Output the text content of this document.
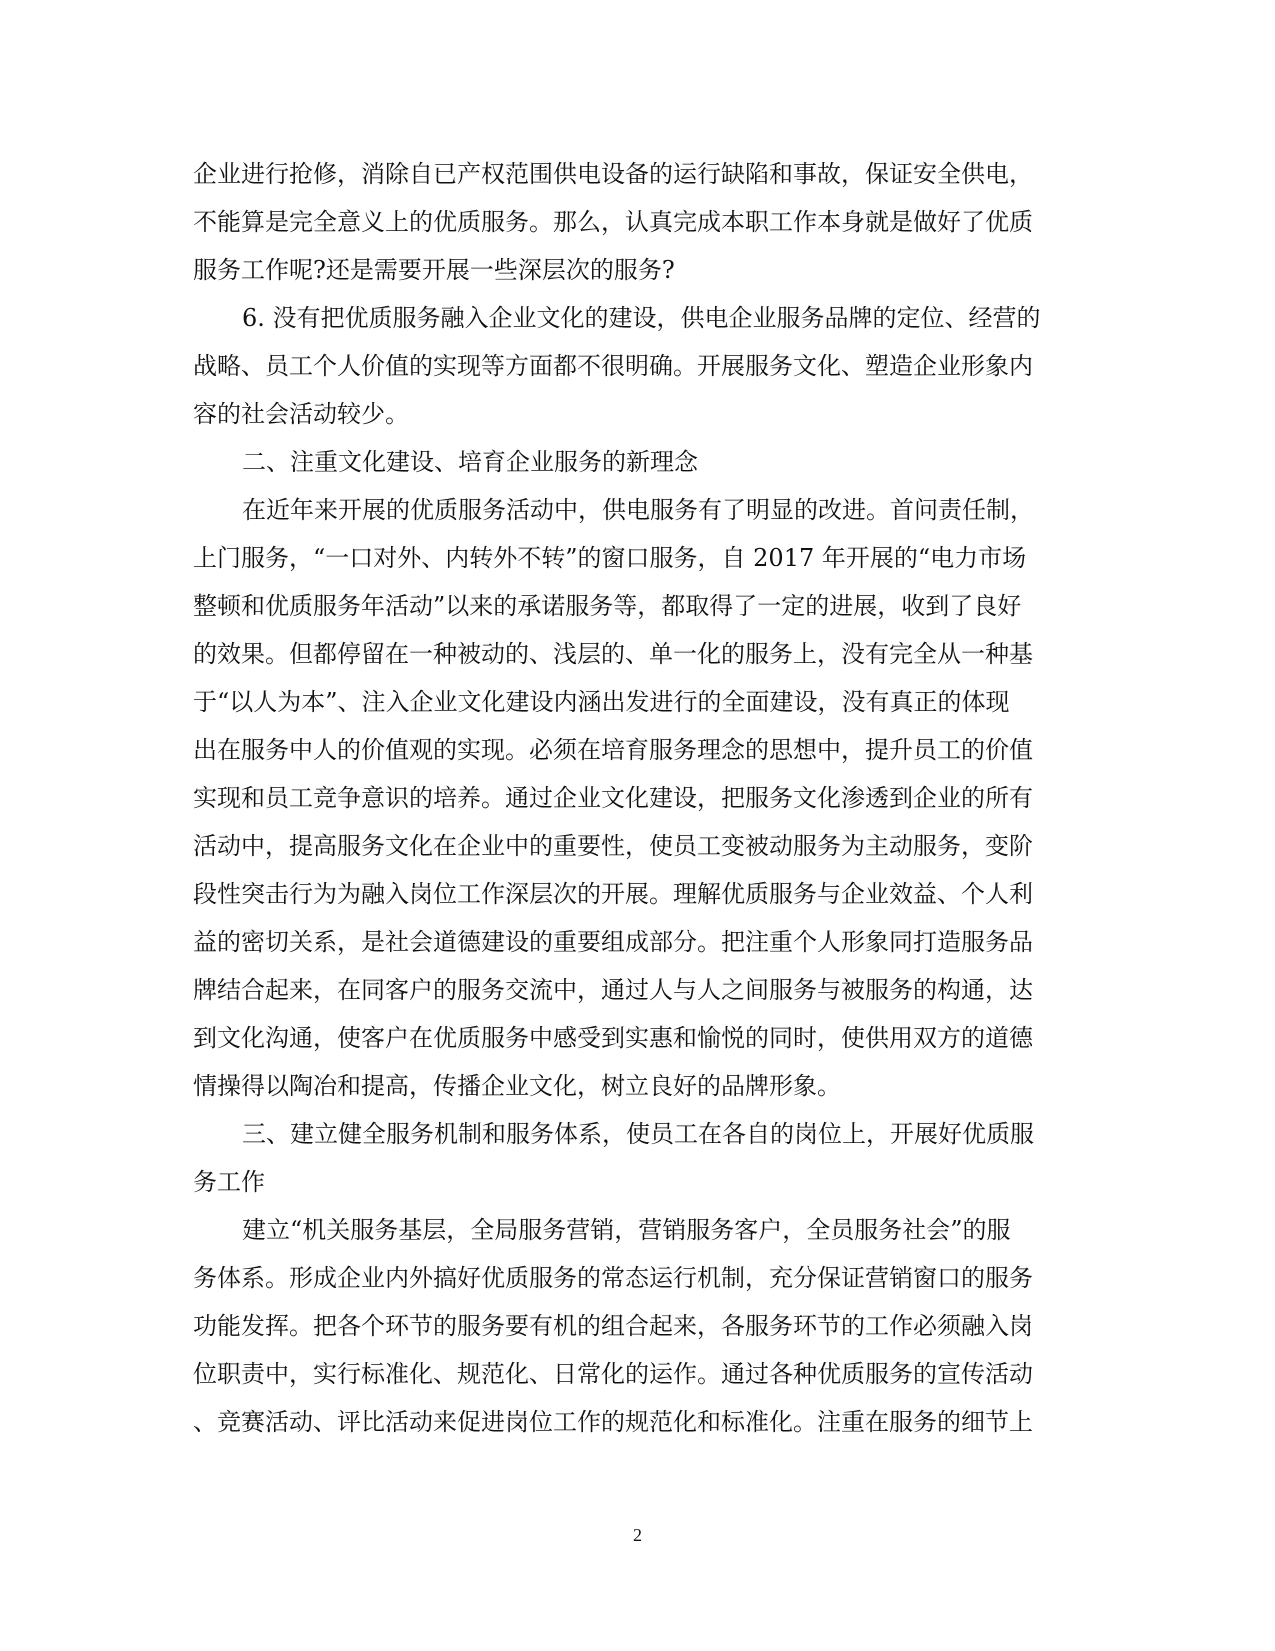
企业进行抢修，消除自已产权范围供电设备的运行缺陷和事故，保证安全供电，
不能算是完全意义上的优质服务。那么，认真完成本职工作本身就是做好了优质
服务工作呢?还是需要开展一些深层次的服务?
6. 没有把优质服务融入企业文化的建设，供电企业服务品牌的定位、经营的
战略、员工个人价值的实现等方面都不很明确。开展服务文化、塑造企业形象内
容的社会活动较少。
二、注重文化建设、培育企业服务的新理念
在近年来开展的优质服务活动中，供电服务有了明显的改进。首问责任制，
上门服务，“一口对外、内转外不转”的窗口服务，自 2017 年开展的“电力市场
整顿和优质服务年活动”以来的承诺服务等，都取得了一定的进展，收到了良好
的效果。但都停留在一种被动的、浅层的、单一化的服务上，没有完全从一种基
于“以人为本”、注入企业文化建设内涵出发进行的全面建设，没有真正的体现
出在服务中人的价值观的实现。必须在培育服务理念的思想中，提升员工的价值
实现和员工竞争意识的培养。通过企业文化建设，把服务文化渗透到企业的所有
活动中，提高服务文化在企业中的重要性，使员工变被动服务为主动服务，变阶
段性突击行为为融入岗位工作深层次的开展。理解优质服务与企业效益、个人利
益的密切关系，是社会道德建设的重要组成部分。把注重个人形象同打造服务品
牌结合起来，在同客户的服务交流中，通过人与人之间服务与被服务的构通，达
到文化沟通，使客户在优质服务中感受到实惠和愉悦的同时，使供用双方的道德
情操得以陶冶和提高，传播企业文化，树立良好的品牌形象。
三、建立健全服务机制和服务体系，使员工在各自的岗位上，开展好优质服
务工作
建立“机关服务基层，全局服务营销，营销服务客户，全员服务社会”的服
务体系。形成企业内外搞好优质服务的常态运行机制，充分保证营销窗口的服务
功能发挥。把各个环节的服务要有机的组合起来，各服务环节的工作必须融入岗
位职责中，实行标准化、规范化、日常化的运作。通过各种优质服务的宣传活动
、竞赛活动、评比活动来促进岗位工作的规范化和标准化。注重在服务的细节上
2
